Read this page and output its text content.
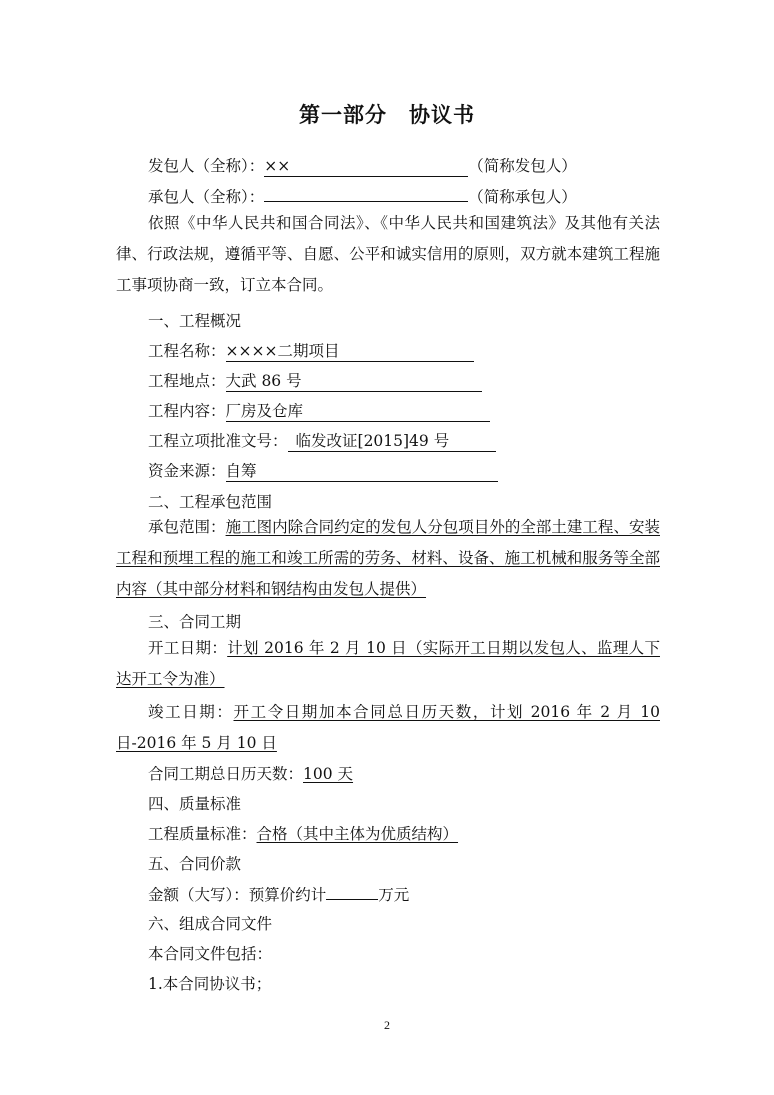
第一部分　协议书
发包人（全称）：××	（简称发包人）
承包人（全称）：	（简称承包人）
依照《中华人民共和国合同法》、《中华人民共和国建筑法》及其他有关法律、行政法规，遵循平等、自愿、公平和诚实信用的原则，双方就本建筑工程施工事项协商一致，订立本合同。
一、工程概况
工程名称：××××二期项目
工程地点：大武 86 号
工程内容：厂房及仓库
工程立项批准文号： 临发改证[2015]49 号
资金来源：自筹
二、工程承包范围
承包范围：施工图内除合同约定的发包人分包项目外的全部土建工程、安装工程和预埋工程的施工和竣工所需的劳务、材料、设备、施工机械和服务等全部内容（其中部分材料和钢结构由发包人提供）
三、合同工期
开工日期：计划 2016 年 2 月 10 日（实际开工日期以发包人、监理人下达开工令为准）
竣工日期：开工令日期加本合同总日历天数，计划 2016 年 2 月 10 日-2016 年 5 月 10 日
合同工期总日历天数：100 天
四、质量标准
工程质量标准：合格（其中主体为优质结构）
五、合同价款
金额（大写）：预算价约计	万元
六、组成合同文件
本合同文件包括：
1.本合同协议书；
2
